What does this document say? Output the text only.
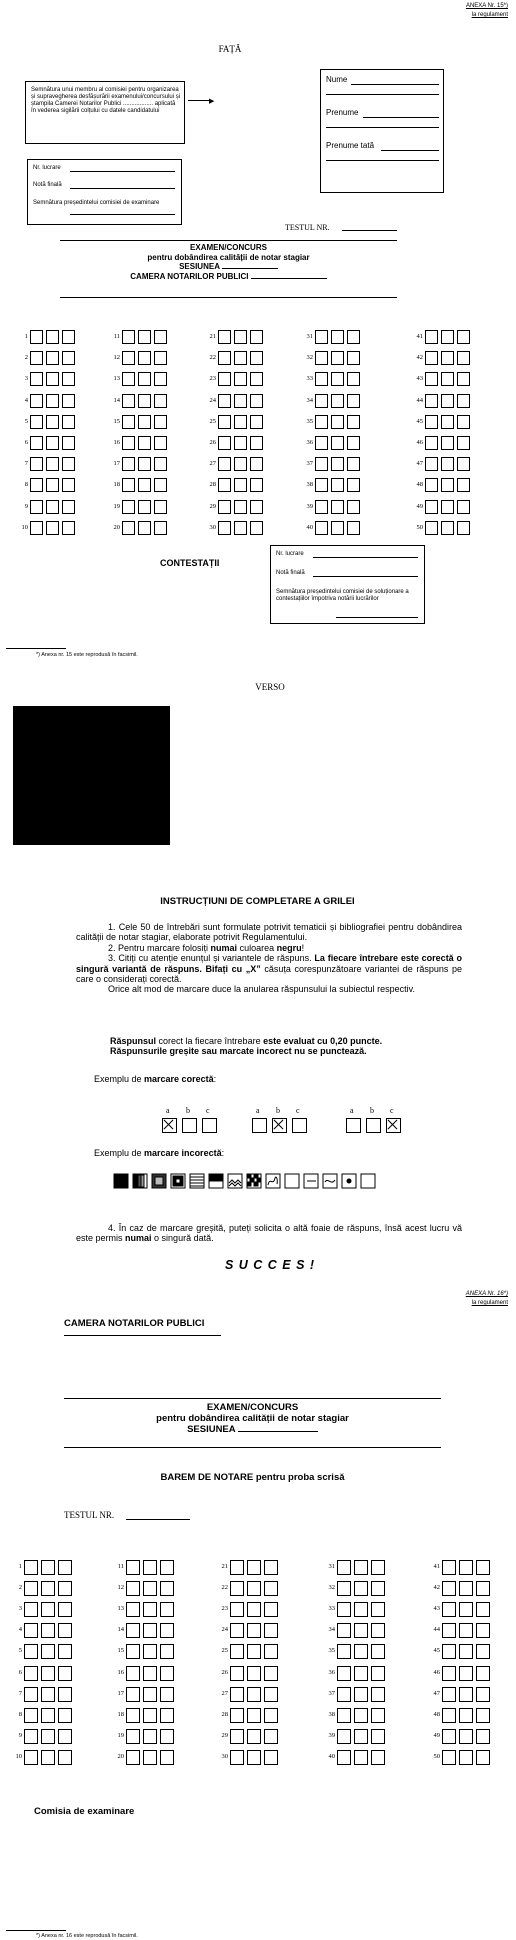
ANEXA Nr. 15*)
la regulament
FAȚĂ
Semnătura unui membru al comisiei pentru organizarea și supravegherea desfășurării examenului/concursului și ștampila Camerei Notarilor Publici .................. aplicată în vederea sigilării colțului cu datele candidatului
▶
Nume
Prenume
Prenume tată
Nr. lucrare
Notă finală
Semnătura președintelui comisiei de examinare
TESTUL NR.
EXAMEN/CONCURS
pentru dobândirea calității de notar stagiar
SESIUNEA
CAMERA NOTARILOR PUBLICI
1
2
3
4
5
6
7
8
9
10
11
12
13
14
15
16
17
18
19
20
21
22
23
24
25
26
27
28
29
30
31
32
33
34
35
36
37
38
39
40
41
42
43
44
45
46
47
48
49
50
CONTESTAȚII
Nr. lucrare
Notă finală
Semnătura președintelui comisiei de soluționare a contestațiilor împotriva notării lucrărilor
*) Anexa nr. 15 este reprodusă în facsimil.
VERSO
INSTRUCȚIUNI DE COMPLETARE A GRILEI
1. Cele 50 de întrebări sunt formulate potrivit tematicii și bibliografiei pentru dobândirea calității de notar stagiar, elaborate potrivit Regulamentului.
2. Pentru marcare folosiți numai culoarea negru!
3. Citiți cu atenție enunțul și variantele de răspuns. La fiecare întrebare este corectă o singură variantă de răspuns. Bifați cu „X” căsuța corespunzătoare variantei de răspuns pe care o considerați corectă.
Orice alt mod de marcare duce la anularea răspunsului la subiectul respectiv.
Răspunsul corect la fiecare întrebare este evaluat cu 0,20 puncte.
Răspunsurile greșite sau marcate incorect nu se punctează.
Exemplu de marcare corectă:
a b c	a b c	a b c
Exemplu de marcare incorectă:
4. În caz de marcare greșită, puteți solicita o altă foaie de răspuns, însă acest lucru vă este permis numai o singură dată.
S U C C E S !
ANEXA Nr. 16*)
la regulament
CAMERA NOTARILOR PUBLICI
EXAMEN/CONCURS
pentru dobândirea calității de notar stagiar
SESIUNEA
BAREM DE NOTARE pentru proba scrisă
TESTUL NR.
1
2
3
4
5
6
7
8
9
10
11
12
13
14
15
16
17
18
19
20
21
22
23
24
25
26
27
28
29
30
31
32
33
34
35
36
37
38
39
40
41
42
43
44
45
46
47
48
49
50
Comisia de examinare
*) Anexa nr. 16 este reprodusă în facsimil.
